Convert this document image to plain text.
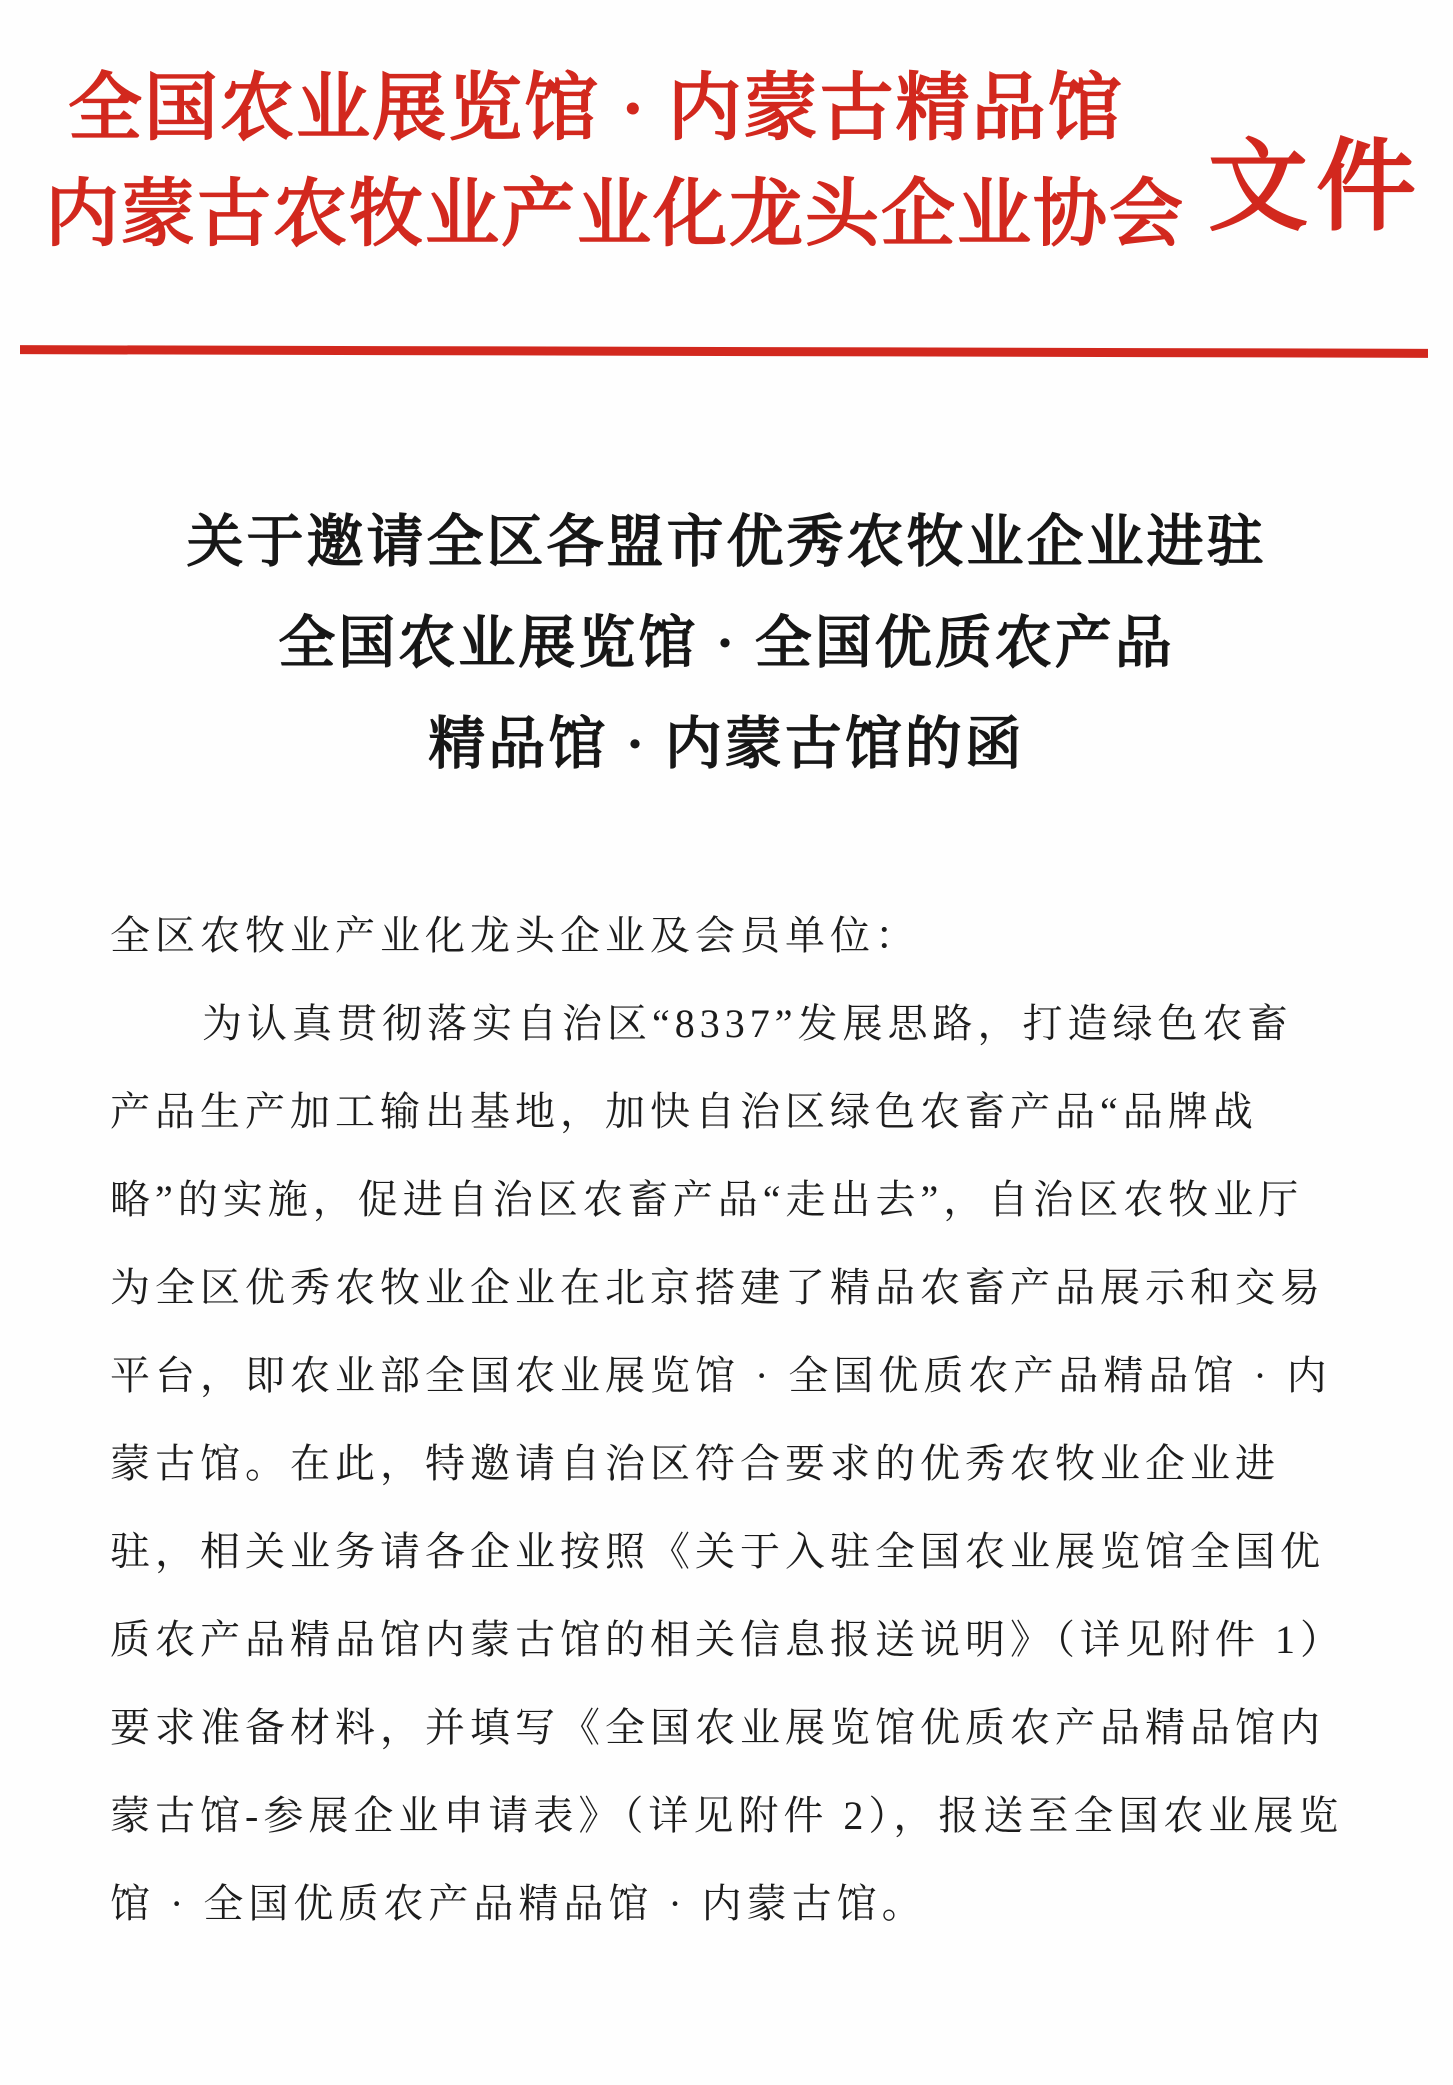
全国农业展览馆 · 内蒙古精品馆
内蒙古农牧业产业化龙头企业协会 文件
关于邀请全区各盟市优秀农牧业企业进驻
全国农业展览馆 · 全国优质农产品
精品馆 · 内蒙古馆的函
全区农牧业产业化龙头企业及会员单位：
为认真贯彻落实自治区“8337”发展思路，打造绿色农畜
产品生产加工输出基地，加快自治区绿色农畜产品“品牌战
略”的实施，促进自治区农畜产品“走出去”，自治区农牧业厅
为全区优秀农牧业企业在北京搭建了精品农畜产品展示和交易
平台，即农业部全国农业展览馆 · 全国优质农产品精品馆 · 内
蒙古馆。在此，特邀请自治区符合要求的优秀农牧业企业进
驻，相关业务请各企业按照《关于入驻全国农业展览馆全国优
质农产品精品馆内蒙古馆的相关信息报送说明》（详见附件 1）
要求准备材料，并填写《全国农业展览馆优质农产品精品馆内
蒙古馆-参展企业申请表》（详见附件 2），报送至全国农业展览
馆 · 全国优质农产品精品馆 · 内蒙古馆。
